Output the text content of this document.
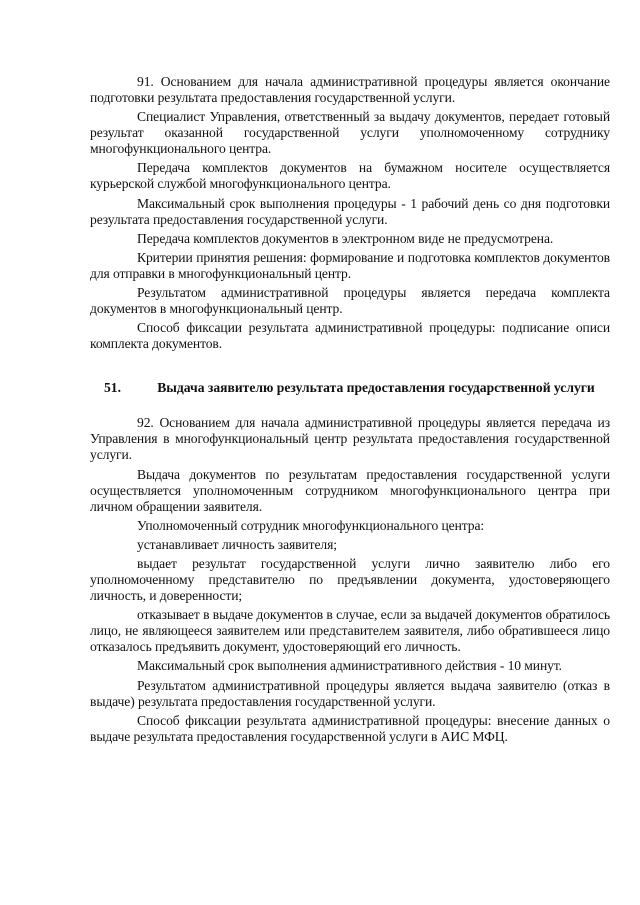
91. Основанием для начала административной процедуры является окончание подготовки результата предоставления государственной услуги.

Специалист Управления, ответственный за выдачу документов, передает готовый результат оказанной государственной услуги уполномоченному сотруднику многофункционального центра.

Передача комплектов документов на бумажном носителе осуществляется курьерской службой многофункционального центра.

Максимальный срок выполнения процедуры - 1 рабочий день со дня подготовки результата предоставления государственной услуги.

Передача комплектов документов в электронном виде не предусмотрена.

Критерии принятия решения: формирование и подготовка комплектов документов для отправки в многофункциональный центр.

Результатом административной процедуры является передача комплекта документов в многофункциональный центр.

Способ фиксации результата административной процедуры: подписание описи комплекта документов.

51.	Выдача заявителю результата предоставления государственной услуги

92. Основанием для начала административной процедуры является передача из Управления в многофункциональный центр результата предоставления государственной услуги.

Выдача документов по результатам предоставления государственной услуги осуществляется уполномоченным сотрудником многофункционального центра при личном обращении заявителя.

Уполномоченный сотрудник многофункционального центра:

устанавливает личность заявителя;

выдает результат государственной услуги лично заявителю либо его уполномоченному представителю по предъявлении документа, удостоверяющего личность, и доверенности;

отказывает в выдаче документов в случае, если за выдачей документов обратилось лицо, не являющееся заявителем или представителем заявителя, либо обратившееся лицо отказалось предъявить документ, удостоверяющий его личность.

Максимальный срок выполнения административного действия - 10 минут.

Результатом административной процедуры является выдача заявителю (отказ в выдаче) результата предоставления государственной услуги.

Способ фиксации результата административной процедуры: внесение данных о выдаче результата предоставления государственной услуги в АИС МФЦ.
